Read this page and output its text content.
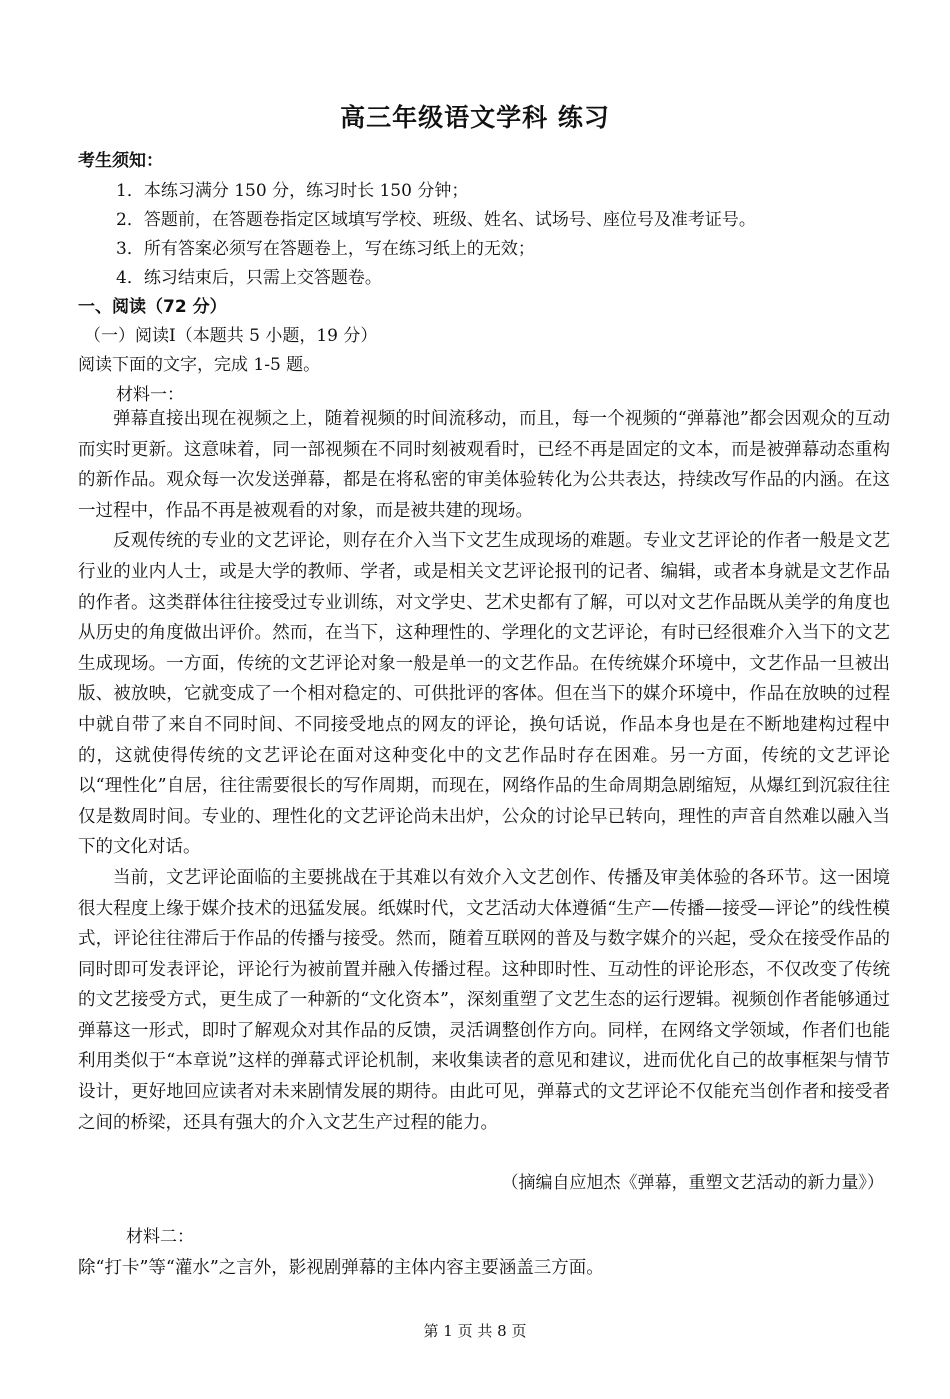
高三年级语文学科 练习
考生须知：
1．本练习满分 150 分，练习时长 150 分钟；
2．答题前，在答题卷指定区域填写学校、班级、姓名、试场号、座位号及准考证号。
3．所有答案必须写在答题卷上，写在练习纸上的无效；
4．练习结束后，只需上交答题卷。
一、阅读（72 分）
（一）阅读Ⅰ（本题共 5 小题，19 分）
阅读下面的文字，完成 1-5 题。
材料一：

弹幕直接出现在视频之上，随着视频的时间流移动，而且，每一个视频的“弹幕池”都会因观众的互动而实时更新。这意味着，同一部视频在不同时刻被观看时，已经不再是固定的文本，而是被弹幕动态重构的新作品。观众每一次发送弹幕，都是在将私密的审美体验转化为公共表达，持续改写作品的内涵。在这一过程中，作品不再是被观看的对象，而是被共建的现场。

反观传统的专业的文艺评论，则存在介入当下文艺生成现场的难题。专业文艺评论的作者一般是文艺行业的业内人士，或是大学的教师、学者，或是相关文艺评论报刊的记者、编辑，或者本身就是文艺作品的作者。这类群体往往接受过专业训练，对文学史、艺术史都有了解，可以对文艺作品既从美学的角度也从历史的角度做出评价。然而，在当下，这种理性的、学理化的文艺评论，有时已经很难介入当下的文艺生成现场。一方面，传统的文艺评论对象一般是单一的文艺作品。在传统媒介环境中，文艺作品一旦被出版、被放映，它就变成了一个相对稳定的、可供批评的客体。但在当下的媒介环境中，作品在放映的过程中就自带了来自不同时间、不同接受地点的网友的评论，换句话说，作品本身也是在不断地建构过程中的，这就使得传统的文艺评论在面对这种变化中的文艺作品时存在困难。另一方面，传统的文艺评论以“理性化”自居，往往需要很长的写作周期，而现在，网络作品的生命周期急剧缩短，从爆红到沉寂往往仅是数周时间。专业的、理性化的文艺评论尚未出炉，公众的讨论早已转向，理性的声音自然难以融入当下的文化对话。

当前，文艺评论面临的主要挑战在于其难以有效介入文艺创作、传播及审美体验的各环节。这一困境很大程度上缘于媒介技术的迅猛发展。纸媒时代，文艺活动大体遵循“生产—传播—接受—评论”的线性模式，评论往往滞后于作品的传播与接受。然而，随着互联网的普及与数字媒介的兴起，受众在接受作品的同时即可发表评论，评论行为被前置并融入传播过程。这种即时性、互动性的评论形态，不仅改变了传统的文艺接受方式，更生成了一种新的“文化资本”，深刻重塑了文艺生态的运行逻辑。视频创作者能够通过弹幕这一形式，即时了解观众对其作品的反馈，灵活调整创作方向。同样，在网络文学领域，作者们也能利用类似于“本章说”这样的弹幕式评论机制，来收集读者的意见和建议，进而优化自己的故事框架与情节设计，更好地回应读者对未来剧情发展的期待。由此可见，弹幕式的文艺评论不仅能充当创作者和接受者之间的桥梁，还具有强大的介入文艺生产过程的能力。

（摘编自应旭杰《弹幕，重塑文艺活动的新力量》）
材料二：
除“打卡”等“灌水”之言外，影视剧弹幕的主体内容主要涵盖三方面。
第 1 页 共 8 页
